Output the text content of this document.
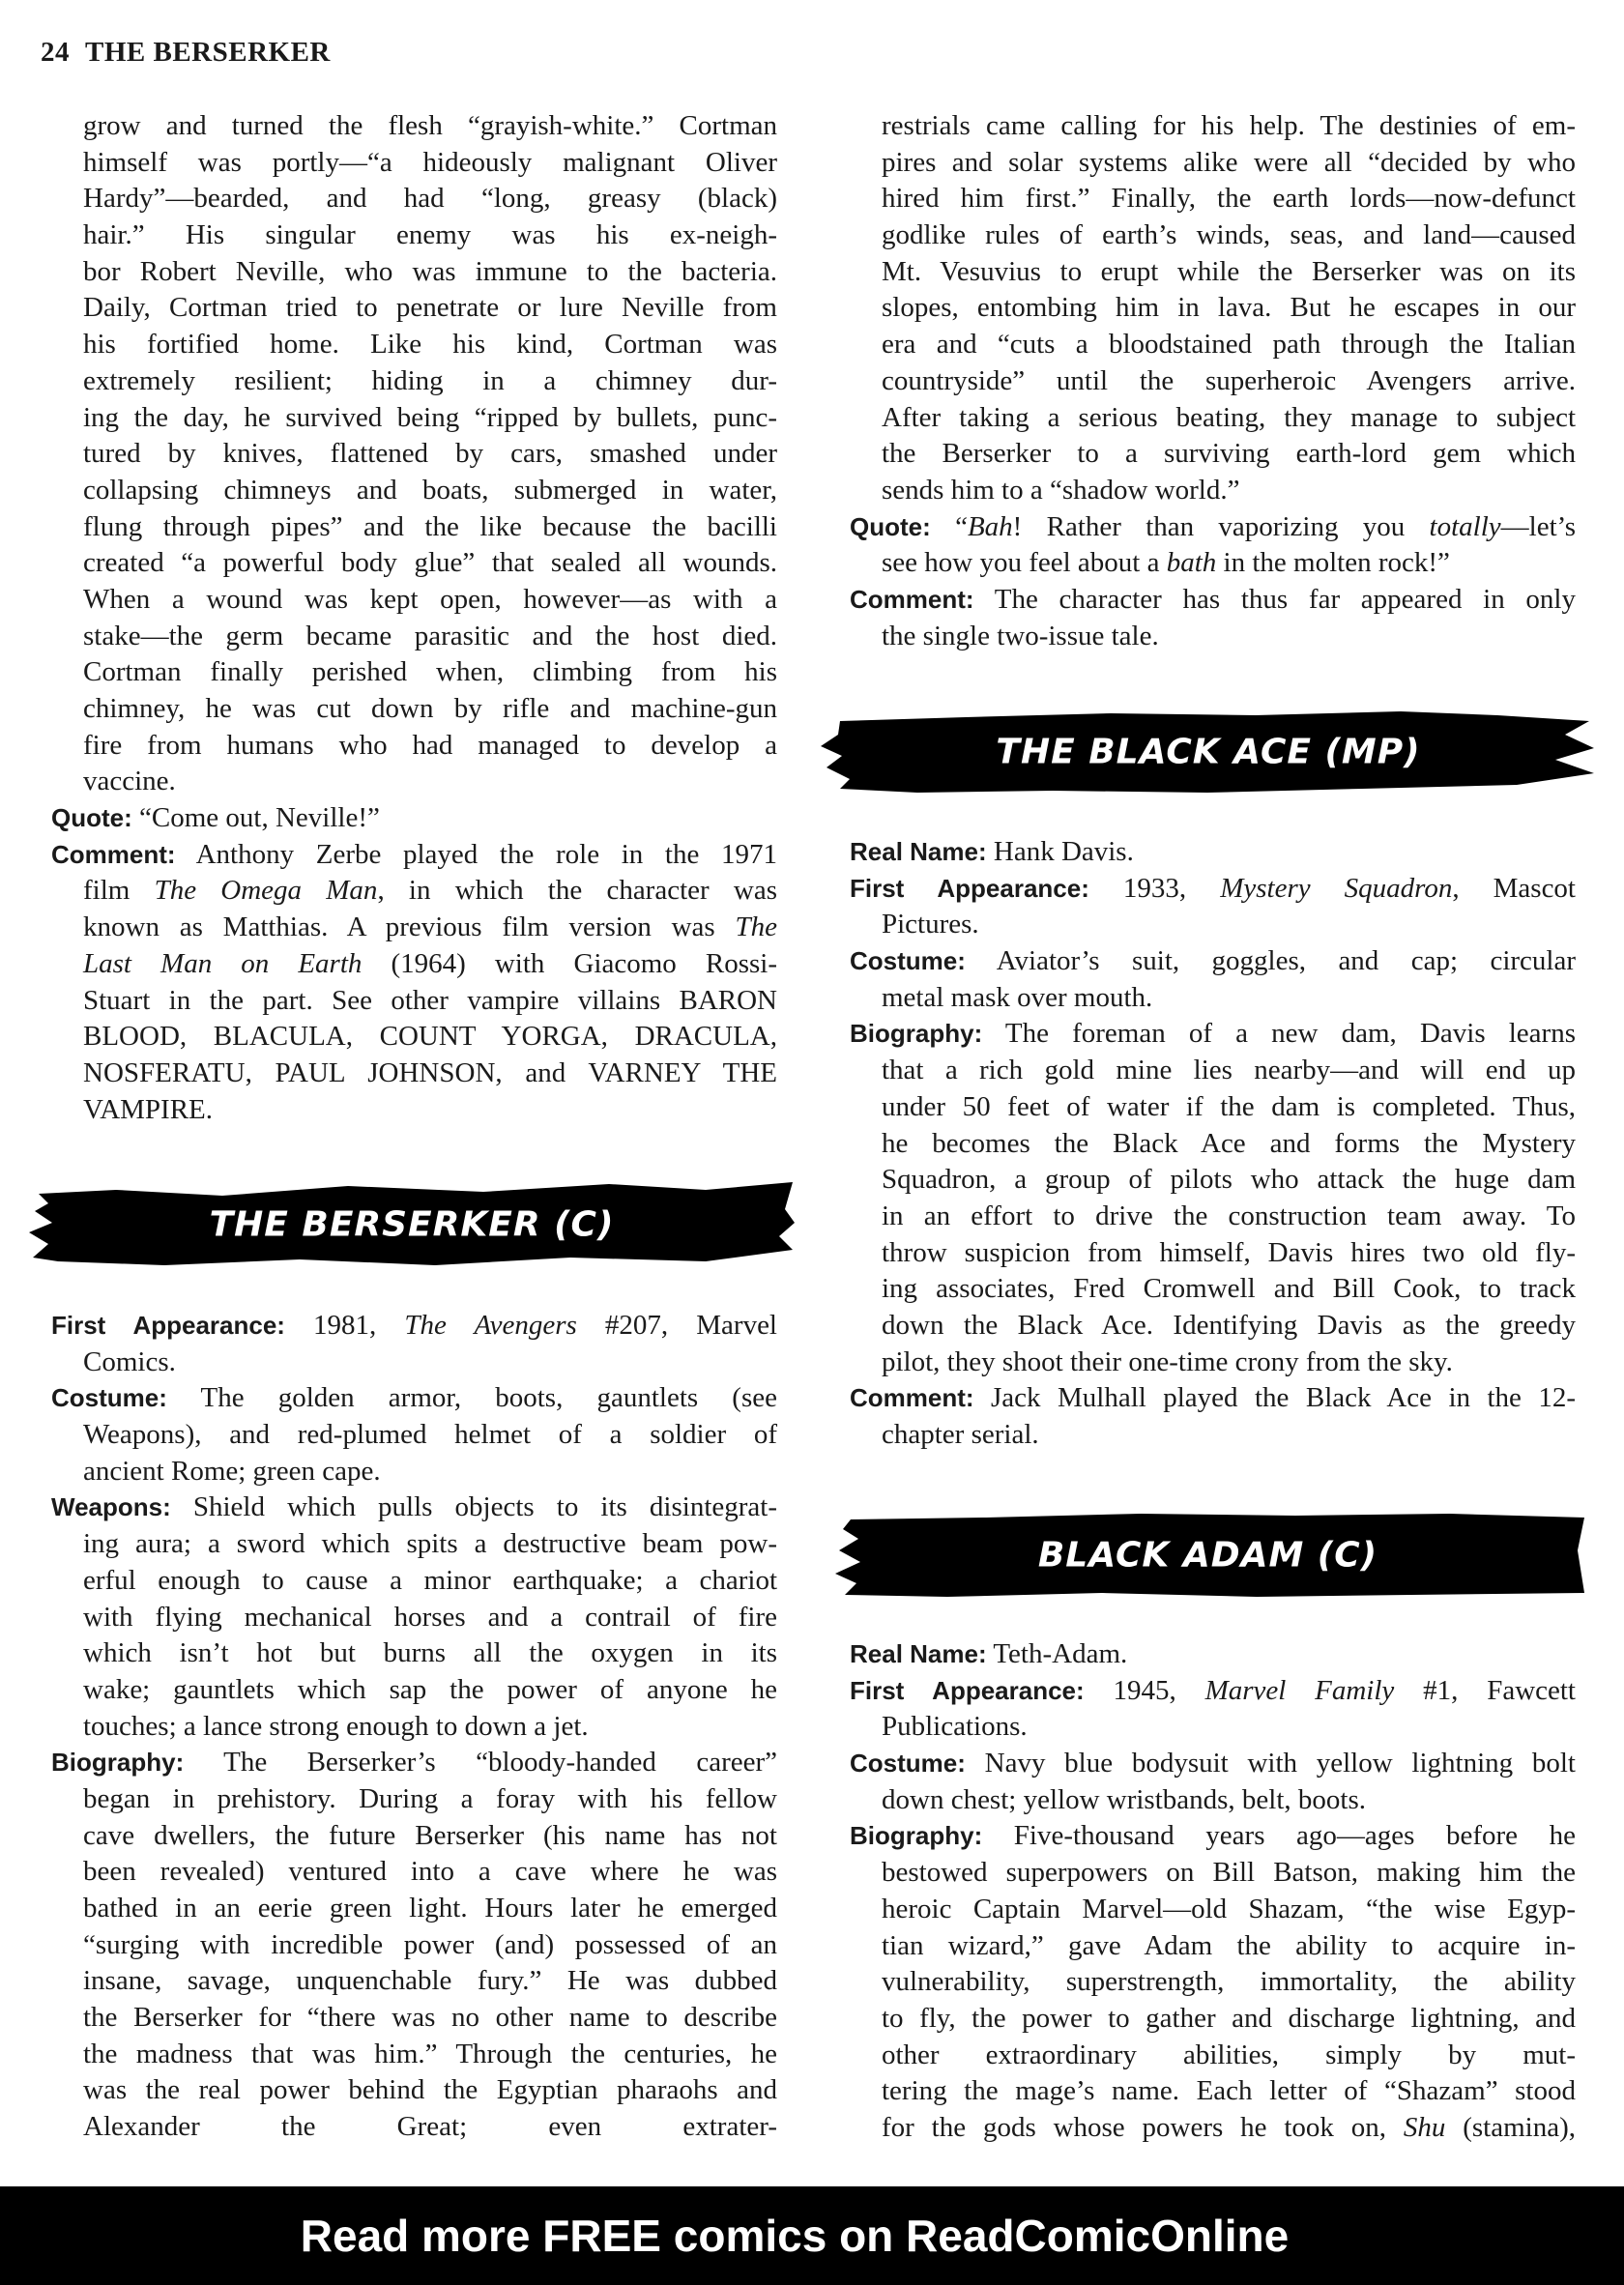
24 THE BERSERKER
grow and turned the flesh “grayish-white.” Cortman
himself was portly—“a hideously malignant Oliver
Hardy”—bearded, and had “long, greasy (black)
hair.” His singular enemy was his ex-neigh-
bor Robert Neville, who was immune to the bacteria.
Daily, Cortman tried to penetrate or lure Neville from
his fortified home. Like his kind, Cortman was
extremely resilient; hiding in a chimney dur-
ing the day, he survived being “ripped by bullets, punc-
tured by knives, flattened by cars, smashed under
collapsing chimneys and boats, submerged in water,
flung through pipes” and the like because the bacilli
created “a powerful body glue” that sealed all wounds.
When a wound was kept open, however—as with a
stake—the germ became parasitic and the host died.
Cortman finally perished when, climbing from his
chimney, he was cut down by rifle and machine-gun
fire from humans who had managed to develop a
vaccine.
Quote: “Come out, Neville!”
Comment: Anthony Zerbe played the role in the 1971
film The Omega Man, in which the character was
known as Matthias. A previous film version was The
Last Man on Earth (1964) with Giacomo Rossi-
Stuart in the part. See other vampire villains BARON
BLOOD, BLACULA, COUNT YORGA, DRACULA,
NOSFERATU, PAUL JOHNSON, and VARNEY THE
VAMPIRE.
First Appearance: 1981, The Avengers #207, Marvel
Comics.
Costume: The golden armor, boots, gauntlets (see
Weapons), and red-plumed helmet of a soldier of
ancient Rome; green cape.
Weapons: Shield which pulls objects to its disintegrat-
ing aura; a sword which spits a destructive beam pow-
erful enough to cause a minor earthquake; a chariot
with flying mechanical horses and a contrail of fire
which isn’t hot but burns all the oxygen in its
wake; gauntlets which sap the power of anyone he
touches; a lance strong enough to down a jet.
Biography: The Berserker’s “bloody-handed career”
began in prehistory. During a foray with his fellow
cave dwellers, the future Berserker (his name has not
been revealed) ventured into a cave where he was
bathed in an eerie green light. Hours later he emerged
“surging with incredible power (and) possessed of an
insane, savage, unquenchable fury.” He was dubbed
the Berserker for “there was no other name to describe
the madness that was him.” Through the centuries, he
was the real power behind the Egyptian pharaohs and
Alexander the Great; even extrater-
restrials came calling for his help. The destinies of em-
pires and solar systems alike were all “decided by who
hired him first.” Finally, the earth lords—now-defunct
godlike rules of earth’s winds, seas, and land—caused
Mt. Vesuvius to erupt while the Berserker was on its
slopes, entombing him in lava. But he escapes in our
era and “cuts a bloodstained path through the Italian
countryside” until the superheroic Avengers arrive.
After taking a serious beating, they manage to subject
the Berserker to a surviving earth-lord gem which
sends him to a “shadow world.”
Quote: “Bah! Rather than vaporizing you totally—let’s
see how you feel about a bath in the molten rock!”
Comment: The character has thus far appeared in only
the single two-issue tale.
Real Name: Hank Davis.
First Appearance: 1933, Mystery Squadron, Mascot
Pictures.
Costume: Aviator’s suit, goggles, and cap; circular
metal mask over mouth.
Biography: The foreman of a new dam, Davis learns
that a rich gold mine lies nearby—and will end up
under 50 feet of water if the dam is completed. Thus,
he becomes the Black Ace and forms the Mystery
Squadron, a group of pilots who attack the huge dam
in an effort to drive the construction team away. To
throw suspicion from himself, Davis hires two old fly-
ing associates, Fred Cromwell and Bill Cook, to track
down the Black Ace. Identifying Davis as the greedy
pilot, they shoot their one-time crony from the sky.
Comment: Jack Mulhall played the Black Ace in the 12-
chapter serial.
Real Name: Teth-Adam.
First Appearance: 1945, Marvel Family #1, Fawcett
Publications.
Costume: Navy blue bodysuit with yellow lightning bolt
down chest; yellow wristbands, belt, boots.
Biography: Five-thousand years ago—ages before he
bestowed superpowers on Bill Batson, making him the
heroic Captain Marvel—old Shazam, “the wise Egyp-
tian wizard,” gave Adam the ability to acquire in-
vulnerability, superstrength, immortality, the ability
to fly, the power to gather and discharge lightning, and
other extraordinary abilities, simply by mut-
tering the mage’s name. Each letter of “Shazam” stood
for the gods whose powers he took on, Shu (stamina),
THE BERSERKER (C)
THE BLACK ACE (MP)
BLACK ADAM (C)
Read more FREE comics on ReadComicOnline
